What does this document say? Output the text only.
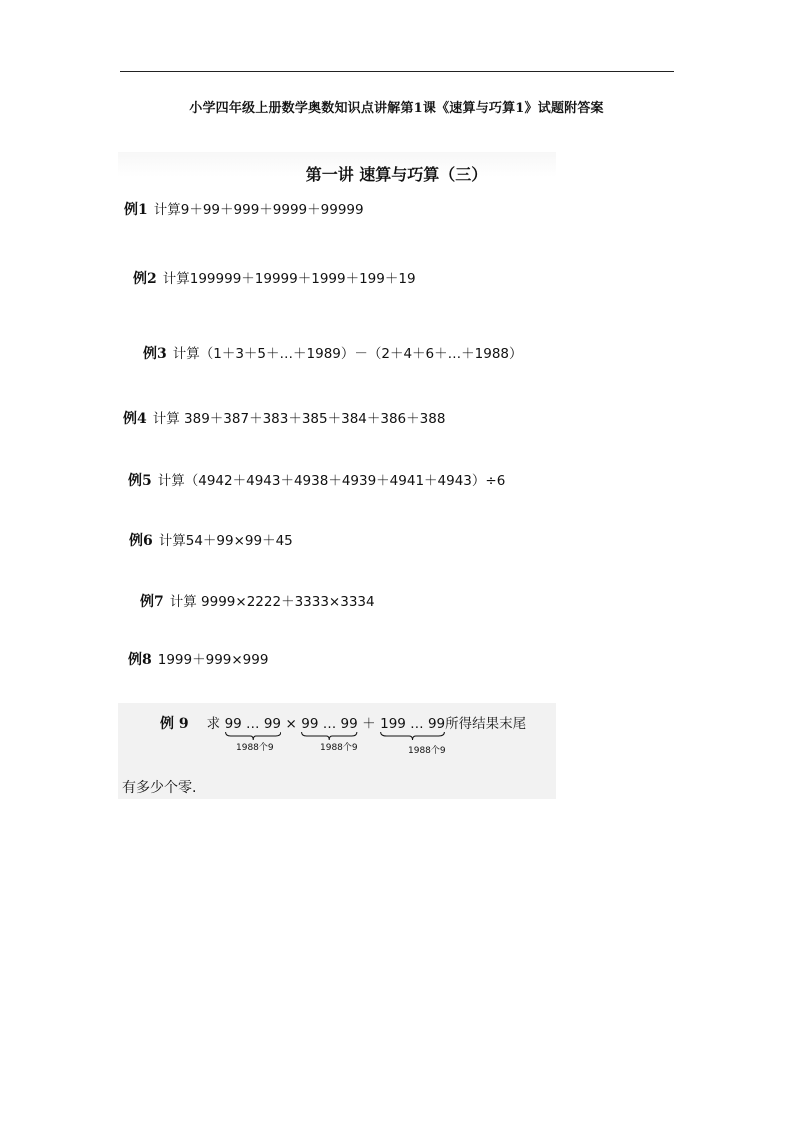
小学四年级上册数学奥数知识点讲解第1课《速算与巧算1》试题附答案
第一讲 速算与巧算（三）
例1 计算9＋99＋999＋9999＋99999
例2 计算199999＋19999＋1999＋199＋19
例3 计算（1＋3＋5＋…＋1989）－（2＋4＋6＋…＋1988）
例4 计算 389＋387＋383＋385＋384＋386＋388
例5 计算（4942＋4943＋4938＋4939＋4941＋4943）÷6
例6 计算54＋99×99＋45
例7 计算 9999×2222＋3333×3334
例8 1999＋999×999
例 9 求 99 … 99 × 99 … 99 ＋ 199 … 99
所得结果末尾
1988个9	1988个9	1988个9
有多少个零.
